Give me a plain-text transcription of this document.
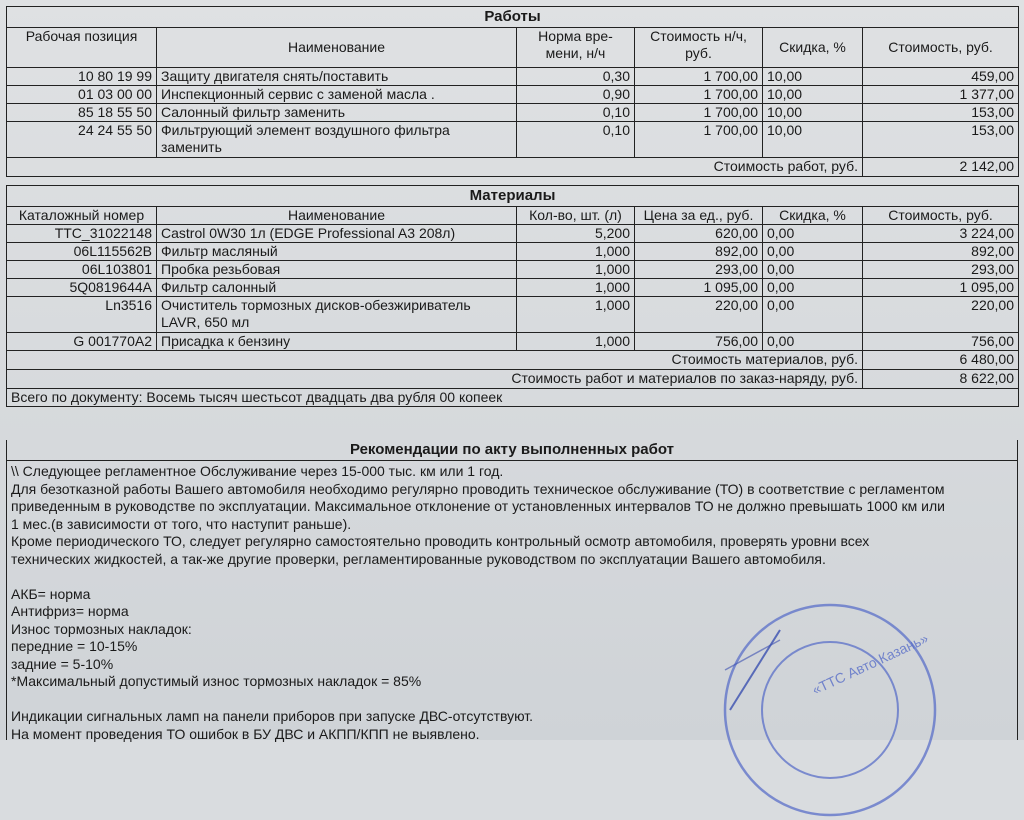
Работы					
Рабочая позиция	Наименование	Норма вре-мени, н/ч	Стоимость н/ч, руб.	Скидка, %	Стоимость, руб.
10 80 19 99	Защиту двигателя снять/поставить	0,30	1 700,00	10,00	459,00
01 03 00 00	Инспекционный сервис с заменой масла .	0,90	1 700,00	10,00	1 377,00
85 18 55 50	Салонный фильтр заменить	0,10	1 700,00	10,00	153,00
24 24 55 50	Фильтрующий элемент воздушного фильтра заменить	0,10	1 700,00	10,00	153,00
Стоимость работ, руб.					2 142,00
Материалы					
Каталожный номер	Наименование	Кол-во, шт. (л)	Цена за ед., руб.	Скидка, %	Стоимость, руб.
TTC_31022148	Castrol 0W30 1л (EDGE Professional A3 208л)	5,200	620,00	0,00	3 224,00
06L115562B	Фильтр масляный	1,000	892,00	0,00	892,00
06L103801	Пробка резьбовая	1,000	293,00	0,00	293,00
5Q0819644A	Фильтр салонный	1,000	1 095,00	0,00	1 095,00
Ln3516	Очиститель тормозных дисков-обезжириватель LAVR, 650 мл	1,000	220,00	0,00	220,00
G 001770A2	Присадка к бензину	1,000	756,00	0,00	756,00
Стоимость материалов, руб.					6 480,00
Стоимость работ и материалов по заказ-наряду, руб.					8 622,00
Всего по документу: Восемь тысяч шестьсот двадцать два рубля 00 копеек					
Рекомендации по акту выполненных работ
\\ Следующее регламентное Обслуживание через 15-000 тыс. км или 1 год.
Для безотказной работы Вашего автомобиля необходимо регулярно проводить техническое обслуживание (ТО) в соответствие с регламентом
приведенным в руководстве по эксплуатации. Максимальное отклонение от установленных интервалов ТО не должно превышать 1000 км или
1 мес.(в зависимости от того, что наступит раньше).
Кроме периодического ТО, следует регулярно самостоятельно проводить контрольный осмотр автомобиля, проверять уровни всех
технических жидкостей, а так-же другие проверки, регламентированные руководством по эксплуатации Вашего автомобиля.
АКБ= норма
Антифриз= норма
Износ тормозных накладок:
передние = 10-15%
задние = 5-10%
*Максимальный допустимый износ тормозных накладок = 85%
Индикации сигнальных ламп на панели приборов при запуске ДВС-отсутствуют.
На момент проведения ТО ошибок в БУ ДВС и АКПП/КПП не выявлено.
«ТТС Авто Казань»
